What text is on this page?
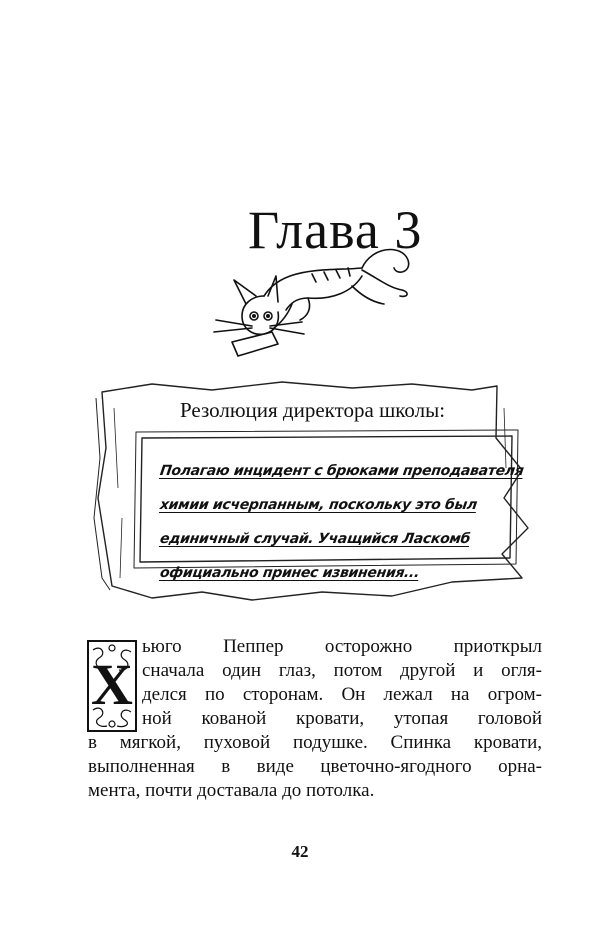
Глава 3
Резолюция директора школы:
Полагаю инцидент с брюками преподавателя
химии исчерпанным, поскольку это был
единичный случай. Учащийся Ласкомб
официально принес извинения...
Х
ьюго Пеппер осторожно приоткрыл
сначала один глаз, потом другой и огля-
делся по сторонам. Он лежал на огром-
ной кованой кровати, утопая головой
в мягкой, пуховой подушке. Спинка кровати,
выполненная в виде цветочно-ягодного орна-
мента, почти доставала до потолка.
42
